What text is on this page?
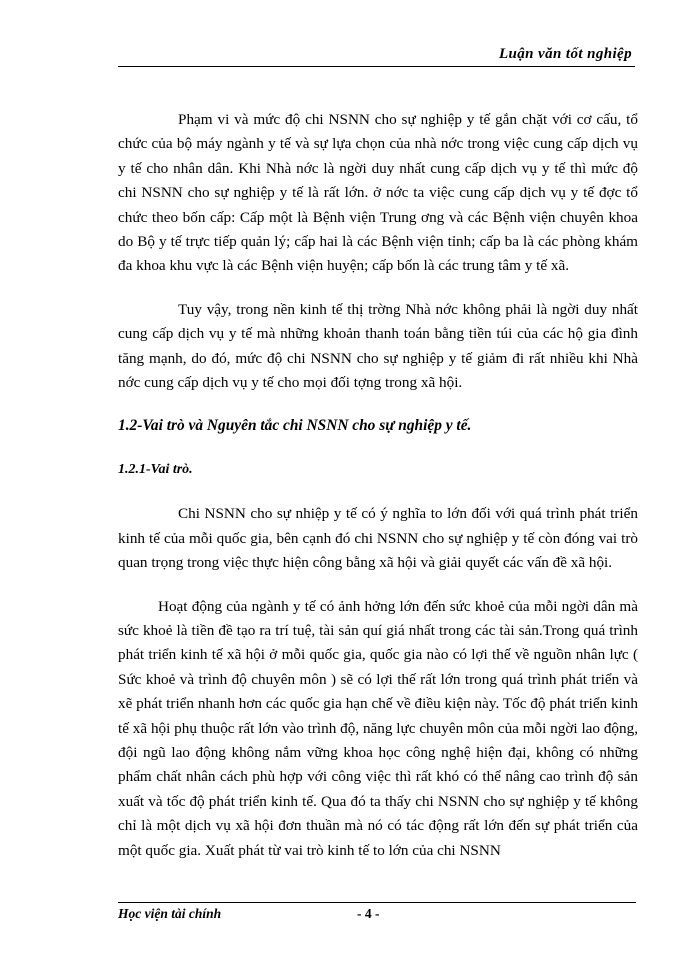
Luận văn tốt nghiệp

Phạm vi và mức độ chi NSNN cho sự nghiệp y tế gắn chặt với cơ cấu, tổ chức của bộ máy ngành y tế và sự lựa chọn của nhà nớc trong việc cung cấp dịch vụ y tế cho nhân dân. Khi Nhà nớc là ngời duy nhất cung cấp dịch vụ y tế thì mức độ chi NSNN cho sự nghiệp y tế là rất lớn. ở nớc ta việc cung cấp dịch vụ y tế đợc tổ chức theo bốn cấp: Cấp một là Bệnh viện Trung ơng và các Bệnh viện chuyên khoa do Bộ y tế trực tiếp quản lý; cấp hai là các Bệnh viện tỉnh; cấp ba là các phòng khám đa khoa khu vực là các Bệnh viện huyện; cấp bốn là các trung tâm y tế xã.

Tuy vậy, trong nền kinh tế thị trờng Nhà nớc không phải là ngời duy nhất cung cấp dịch vụ y tế mà những khoản thanh toán bằng tiền túi của các hộ gia đình tăng mạnh, do đó, mức độ chi NSNN cho sự nghiệp y tế giảm đi rất nhiều khi Nhà nớc cung cấp dịch vụ y tế cho mọi đối tợng trong xã hội.

1.2-Vai trò và Nguyên tắc chi NSNN cho sự nghiệp y tế.
1.2.1-Vai trò.

Chi NSNN cho sự nhiệp y tế có ý nghĩa to lớn đối với quá trình phát triển kinh tế của mỗi quốc gia, bên cạnh đó chi NSNN cho sự nghiệp y tế còn đóng vai trò quan trọng trong việc thực hiện công bằng xã hội và giải quyết các vấn đề xã hội.

Hoạt động của ngành y tế có ảnh hởng lớn đến sức khoẻ của mỗi ngời dân mà sức khoẻ là tiền đề tạo ra trí tuệ, tài sản quí giá nhất trong các tài sản.Trong quá trình phát triển kinh tế xã hội ở mỗi quốc gia, quốc gia nào có lợi thế về nguồn nhân lực ( Sức khoẻ và trình độ chuyên môn ) sẽ có lợi thế rất lớn trong quá trình phát triển và xẽ phát triển nhanh hơn các quốc gia hạn chế về điều kiện này. Tốc độ phát triển kinh tế xã hội phụ thuộc rất lớn vào trình độ, năng lực chuyên môn của mỗi ngời lao động, đội ngũ lao động không nắm vững khoa học công nghệ hiện đại, không có những phẩm chất nhân cách phù hợp với công việc thì rất khó có thể nâng cao trình độ sản xuất và tốc độ phát triển kinh tế. Qua đó ta thấy chi NSNN cho sự nghiệp y tế không chỉ là một dịch vụ xã hội đơn thuần mà nó có tác động rất lớn đến sự phát triển của một quốc gia. Xuất phát từ vai trò kinh tế to lớn của chi NSNN

Học viện tài chính	- 4 -
